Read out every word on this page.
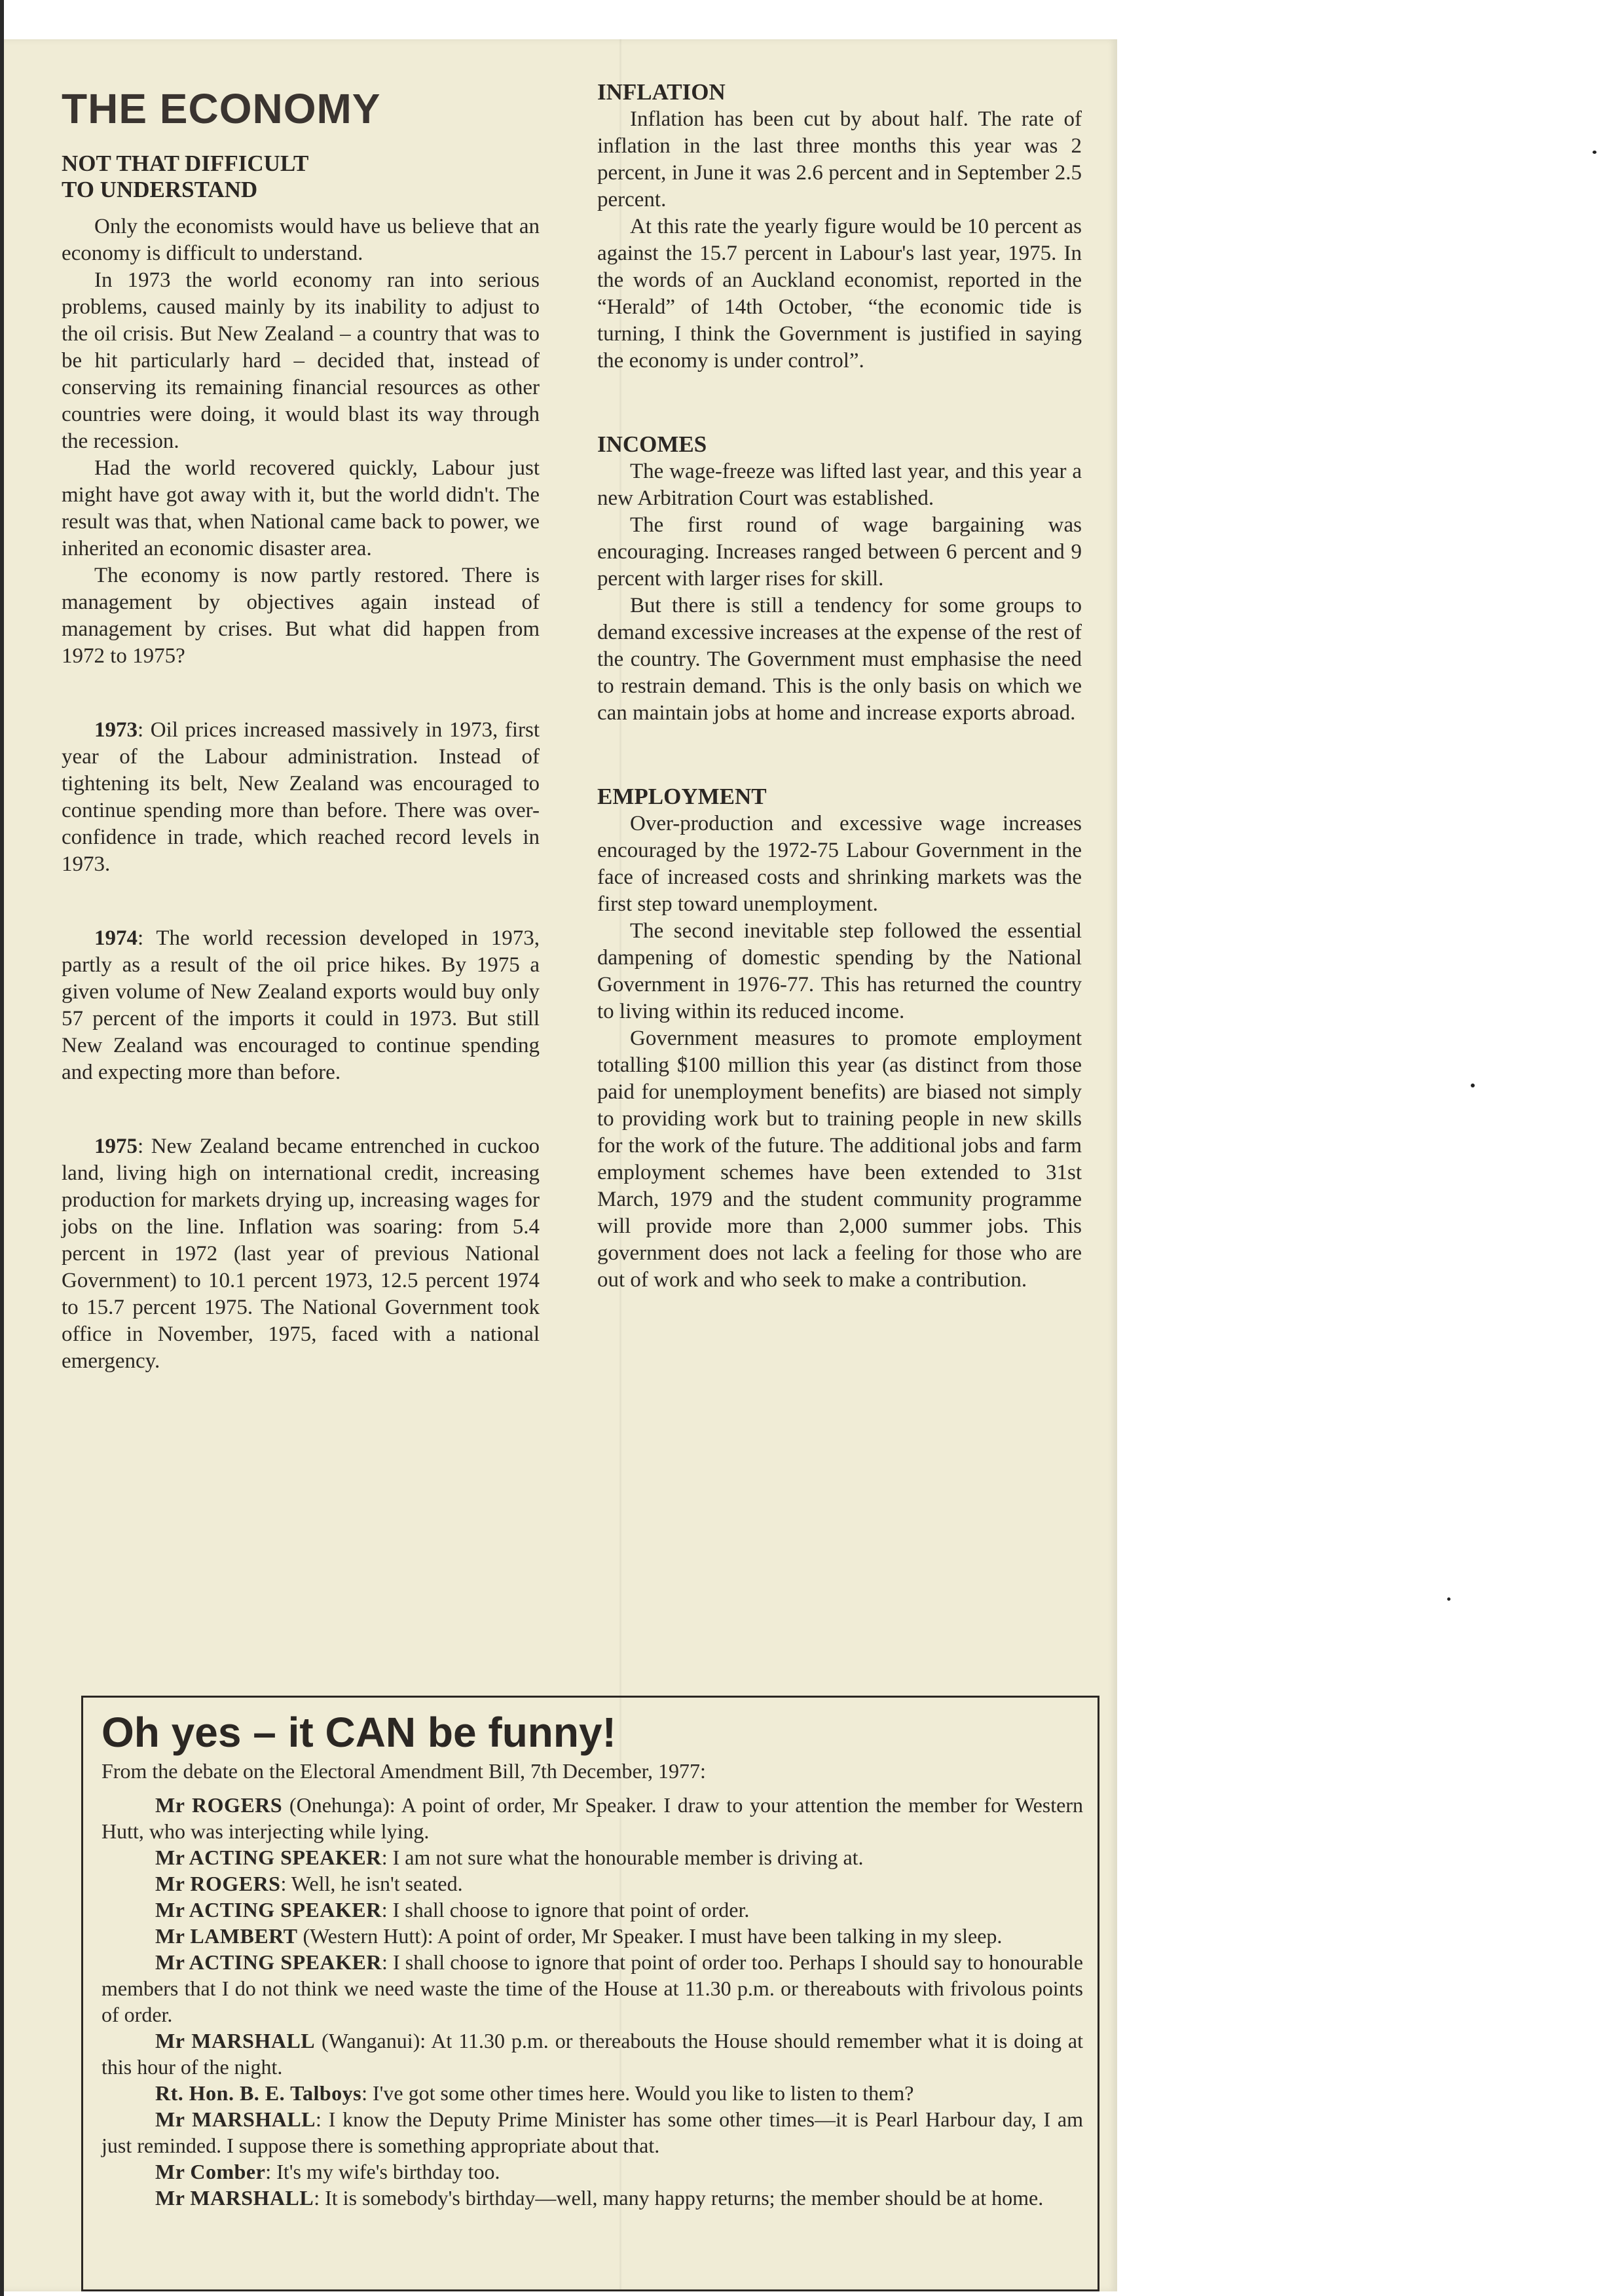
THE ECONOMY
NOT THAT DIFFICULT TO UNDERSTAND

Only the economists would have us believe that an economy is difficult to understand.

In 1973 the world economy ran into serious problems, caused mainly by its inability to adjust to the oil crisis. But New Zealand – a country that was to be hit particularly hard – decided that, instead of conserving its remaining financial resources as other countries were doing, it would blast its way through the recession.

Had the world recovered quickly, Labour just might have got away with it, but the world didn't. The result was that, when National came back to power, we inherited an economic disaster area.

The economy is now partly restored. There is management by objectives again instead of management by crises. But what did happen from 1972 to 1975?

1973: Oil prices increased massively in 1973, first year of the Labour administration. Instead of tightening its belt, New Zealand was encouraged to continue spending more than before. There was over-confidence in trade, which reached record levels in 1973.

1974: The world recession developed in 1973, partly as a result of the oil price hikes. By 1975 a given volume of New Zealand exports would buy only 57 percent of the imports it could in 1973. But still New Zealand was encouraged to continue spending and expecting more than before.

1975: New Zealand became entrenched in cuckoo land, living high on international credit, increasing production for markets drying up, increasing wages for jobs on the line. Inflation was soaring: from 5.4 percent in 1972 (last year of previous National Government) to 10.1 percent 1973, 12.5 percent 1974 to 15.7 percent 1975. The National Government took office in November, 1975, faced with a national emergency.

INFLATION

Inflation has been cut by about half. The rate of inflation in the last three months this year was 2 percent, in June it was 2.6 percent and in September 2.5 percent.

At this rate the yearly figure would be 10 percent as against the 15.7 percent in Labour's last year, 1975. In the words of an Auckland economist, reported in the “Herald” of 14th October, “the economic tide is turning, I think the Government is justified in saying the economy is under control”.

INCOMES

The wage-freeze was lifted last year, and this year a new Arbitration Court was established.

The first round of wage bargaining was encouraging. Increases ranged between 6 percent and 9 percent with larger rises for skill.

But there is still a tendency for some groups to demand excessive increases at the expense of the rest of the country. The Government must emphasise the need to restrain demand. This is the only basis on which we can maintain jobs at home and increase exports abroad.

EMPLOYMENT

Over-production and excessive wage increases encouraged by the 1972-75 Labour Government in the face of increased costs and shrinking markets was the first step toward unemployment.

The second inevitable step followed the essential dampening of domestic spending by the National Government in 1976-77. This has returned the country to living within its reduced income.

Government measures to promote employment totalling $100 million this year (as distinct from those paid for unemployment benefits) are biased not simply to providing work but to training people in new skills for the work of the future. The additional jobs and farm employment schemes have been extended to 31st March, 1979 and the student community programme will provide more than 2,000 summer jobs. This government does not lack a feeling for those who are out of work and who seek to make a contribution.

Oh yes – it CAN be funny!

From the debate on the Electoral Amendment Bill, 7th December, 1977:

Mr ROGERS (Onehunga): A point of order, Mr Speaker. I draw to your attention the member for Western Hutt, who was interjecting while lying.

Mr ACTING SPEAKER: I am not sure what the honourable member is driving at.

Mr ROGERS: Well, he isn't seated.

Mr ACTING SPEAKER: I shall choose to ignore that point of order.

Mr LAMBERT (Western Hutt): A point of order, Mr Speaker. I must have been talking in my sleep.

Mr ACTING SPEAKER: I shall choose to ignore that point of order too. Perhaps I should say to honourable members that I do not think we need waste the time of the House at 11.30 p.m. or thereabouts with frivolous points of order.

Mr MARSHALL (Wanganui): At 11.30 p.m. or thereabouts the House should remember what it is doing at this hour of the night.

Rt. Hon. B. E. Talboys: I've got some other times here. Would you like to listen to them?

Mr MARSHALL: I know the Deputy Prime Minister has some other times—it is Pearl Harbour day, I am just reminded. I suppose there is something appropriate about that.

Mr Comber: It's my wife's birthday too.

Mr MARSHALL: It is somebody's birthday—well, many happy returns; the member should be at home.
